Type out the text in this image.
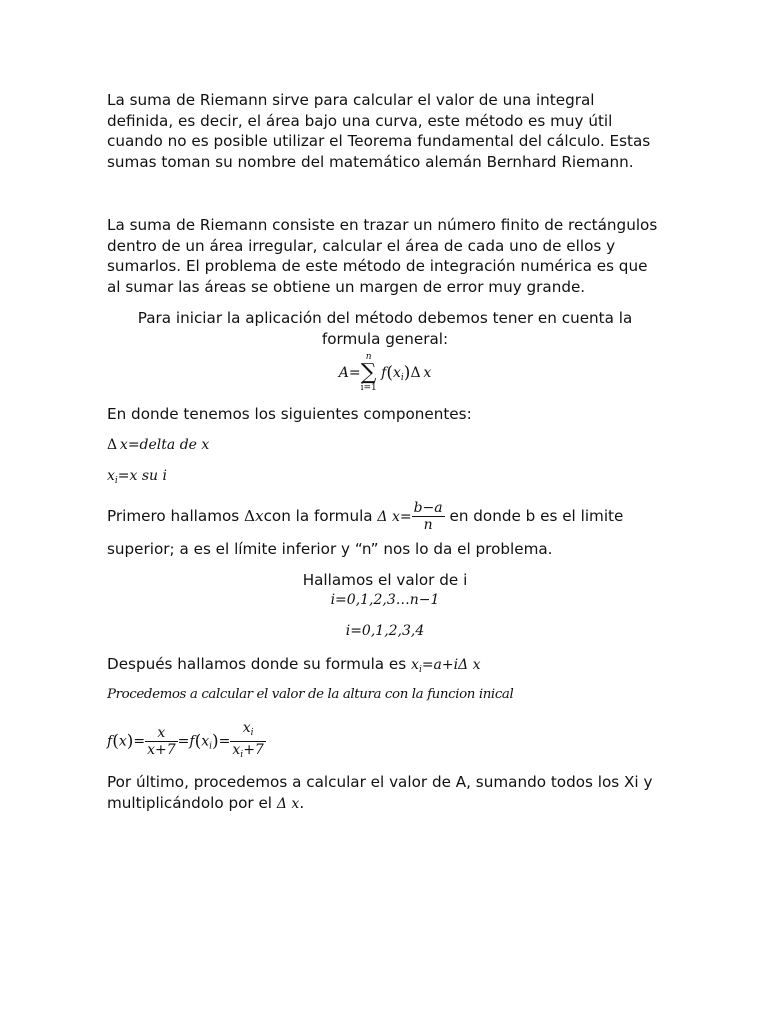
La suma de Riemann sirve para calcular el valor de una integral definida, es decir, el área bajo una curva, este método es muy útil cuando no es posible utilizar el Teorema fundamental del cálculo. Estas sumas toman su nombre del matemático alemán Bernhard Riemann.

La suma de Riemann consiste en trazar un número finito de rectángulos dentro de un área irregular, calcular el área de cada uno de ellos y sumarlos. El problema de este método de integración numérica es que al sumar las áreas se obtiene un margen de error muy grande.

Para iniciar la aplicación del método debemos tener en cuenta la formula general:

A=
n
∑
i=1
$f(x_i)\Delta$  x

En donde tenemos los siguientes componentes:

Δ  x=delta de x
$x_i=x$ su i
Primero hallamos Δxcon la formula Δ $x= \frac{b-a}{n}$ en donde b es el limite

superior; a es el límite inferior y “n” nos lo da el problema.

Hallamos el valor de i

i=0,1,2,3…n−1
i=0,1,2,3,4
Después hallamos donde su formula es $x_i=a+i\Delta$ x
Procedemos a calcular el valor de la altura con la funcion inical
$f(x)= \frac{x}{x+7} =f(x_i)= \frac{x_i}{x_i+7}$

Por último, procedemos a calcular el valor de A, sumando todos los Xi y multiplicándolo por el Δ x.
